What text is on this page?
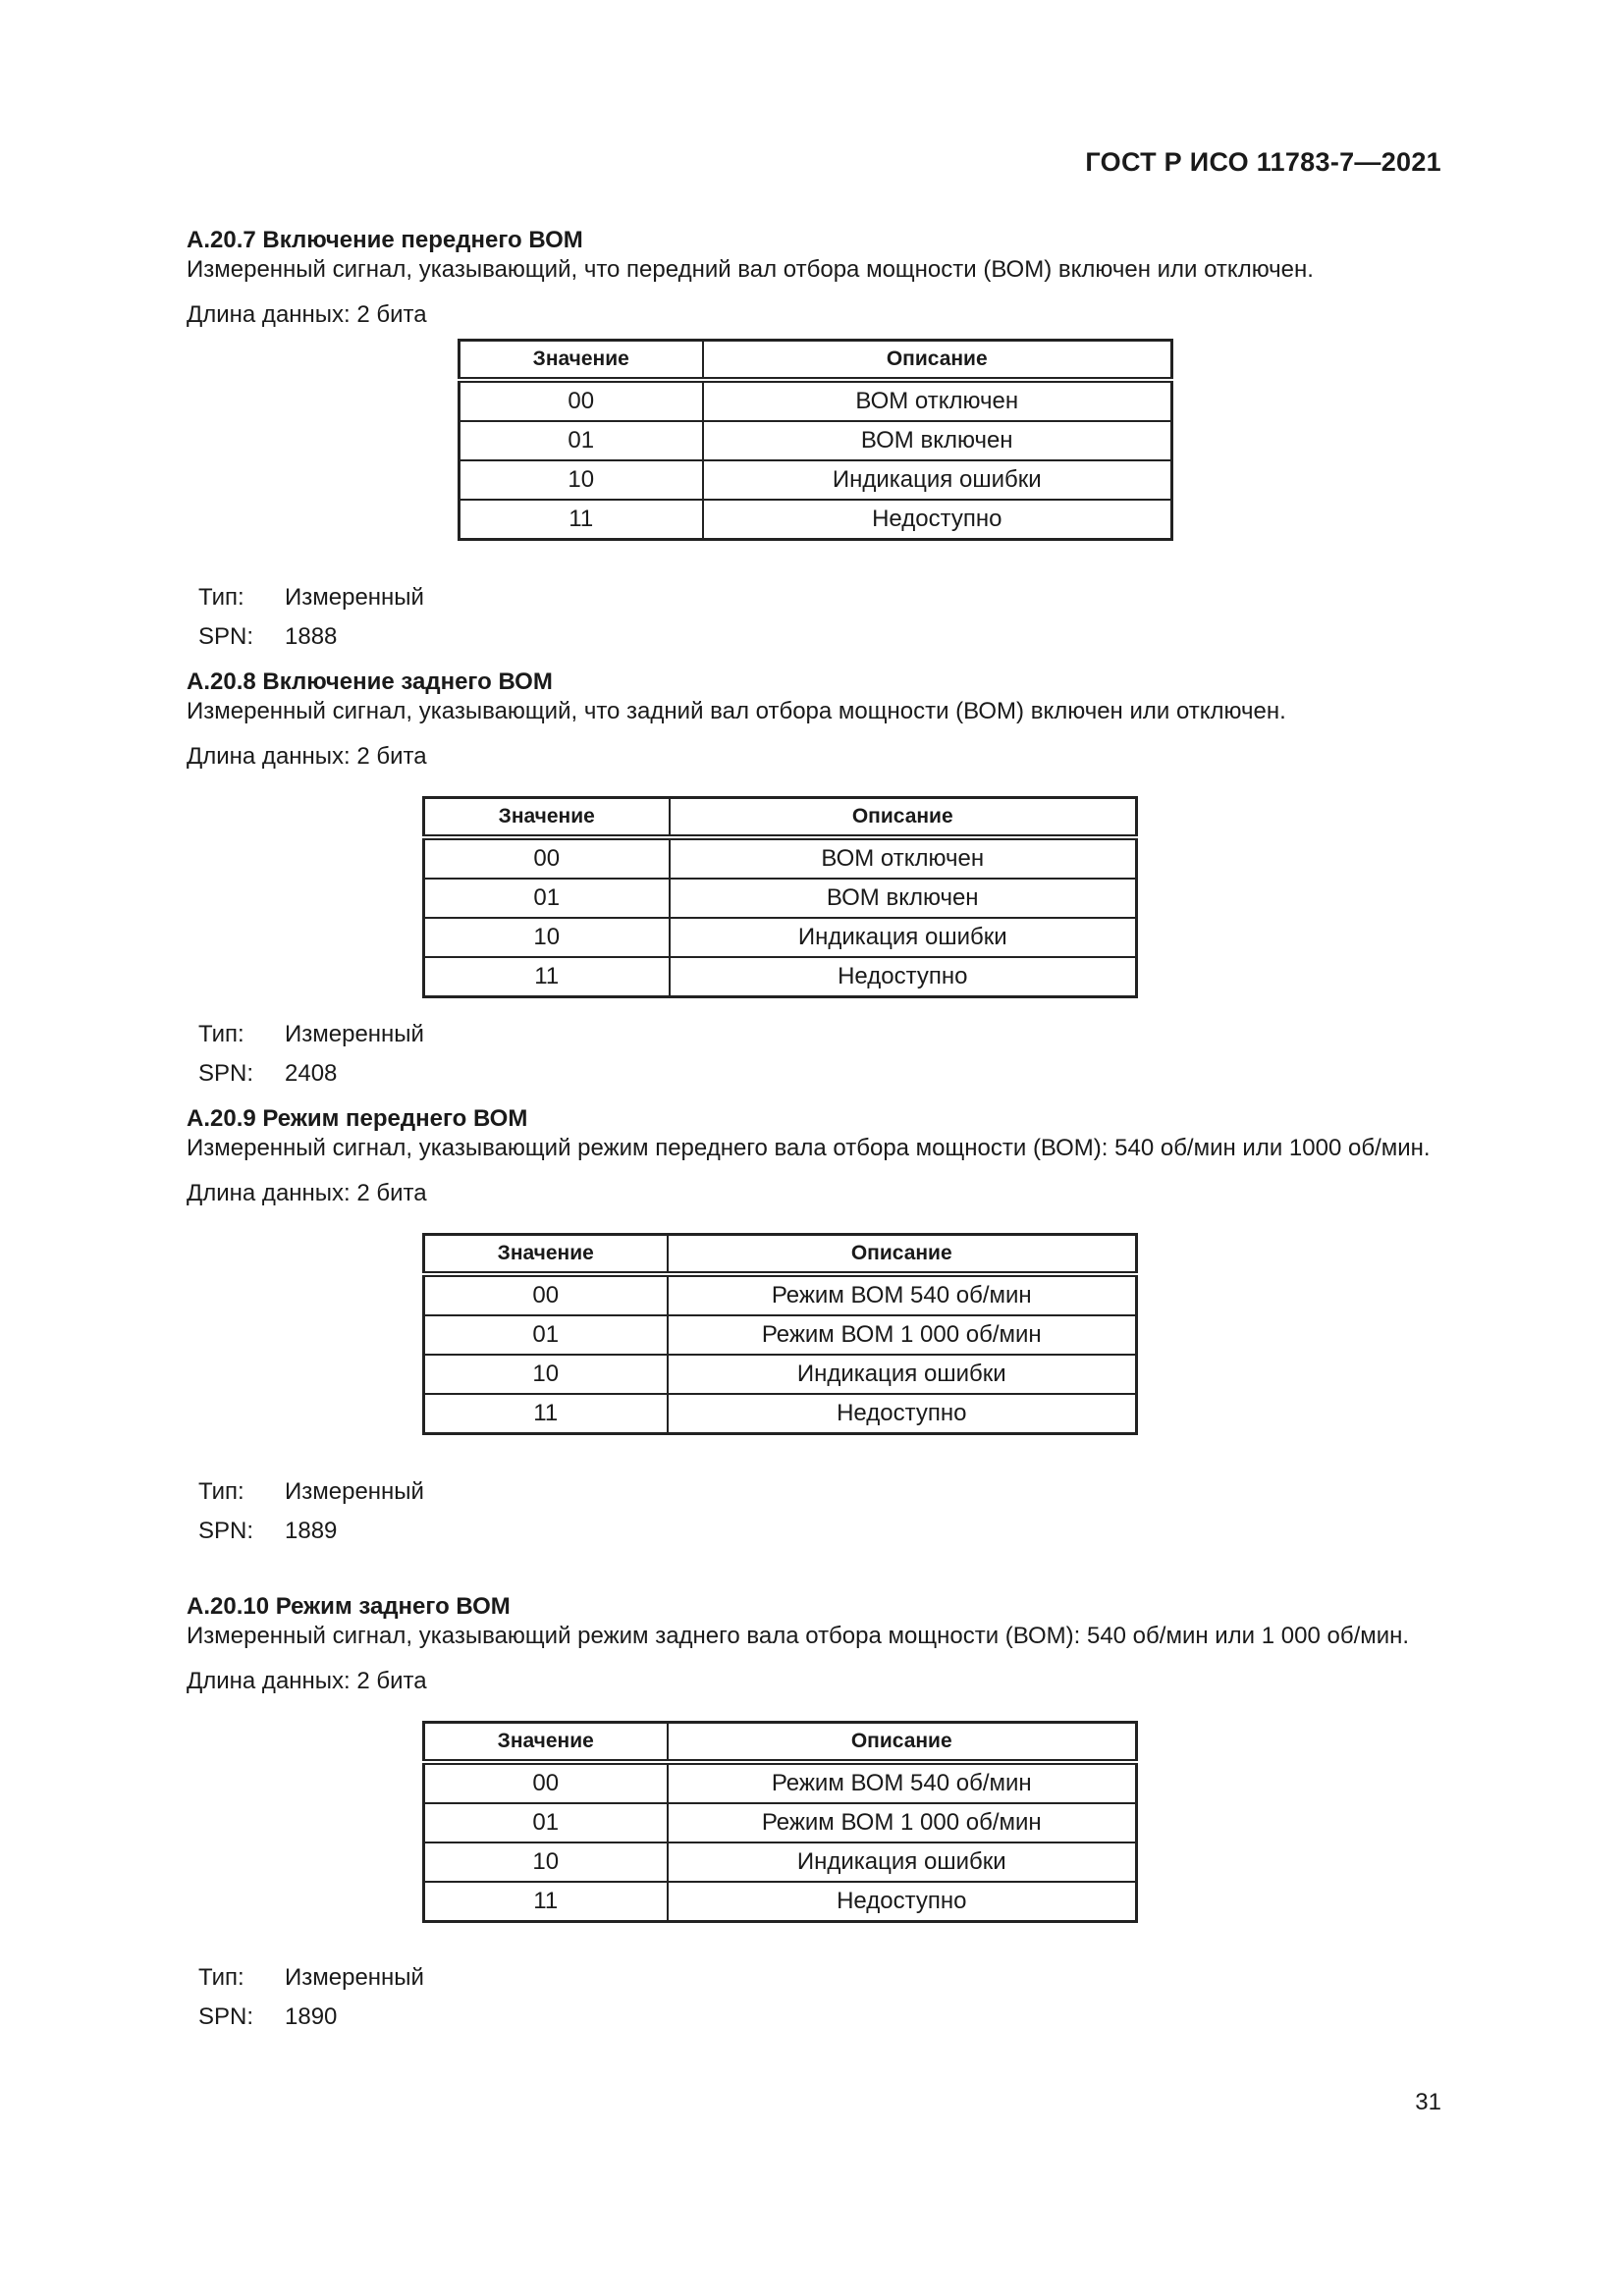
ГОСТ Р ИСО 11783-7—2021
А.20.7 Включение переднего ВОМ
Измеренный сигнал, указывающий, что передний вал отбора мощности (ВОМ) включен или отключен.
Длина данных: 2 бита
Значение	Описание
00	ВОМ отключен
01	ВОМ включен
10	Индикация ошибки
11	Недоступно
Тип: Измеренный
SPN: 1888
А.20.8 Включение заднего ВОМ
Измеренный сигнал, указывающий, что задний вал отбора мощности (ВОМ) включен или отключен.
Длина данных: 2 бита
Значение	Описание
00	ВОМ отключен
01	ВОМ включен
10	Индикация ошибки
11	Недоступно
Тип: Измеренный
SPN: 2408
А.20.9 Режим переднего ВОМ
Измеренный сигнал, указывающий режим переднего вала отбора мощности (ВОМ): 540 об/мин или 1000 об/мин.
Длина данных: 2 бита
Значение	Описание
00	Режим ВОМ 540 об/мин
01	Режим ВОМ 1 000 об/мин
10	Индикация ошибки
11	Недоступно
Тип: Измеренный
SPN: 1889
А.20.10 Режим заднего ВОМ
Измеренный сигнал, указывающий режим заднего вала отбора мощности (ВОМ): 540 об/мин или 1 000 об/мин.
Длина данных: 2 бита
Значение	Описание
00	Режим ВОМ 540 об/мин
01	Режим ВОМ 1 000 об/мин
10	Индикация ошибки
11	Недоступно
Тип: Измеренный
SPN: 1890
31
